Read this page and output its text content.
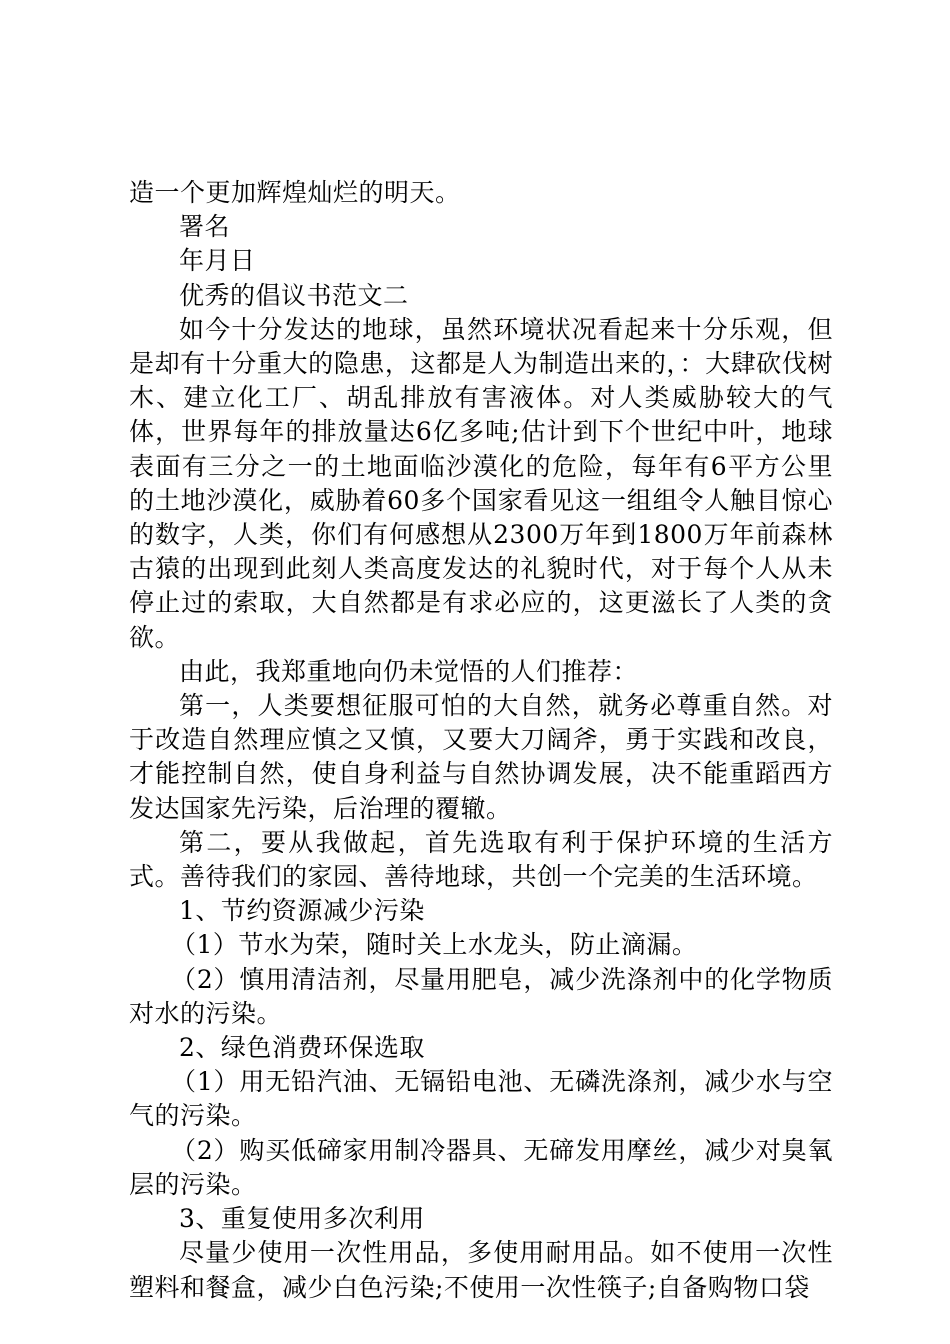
造一个更加辉煌灿烂的明天。

署名

年月日

优秀的倡议书范文二

如今十分发达的地球，虽然环境状况看起来十分乐观，但是却有十分重大的隐患，这都是人为制造出来的，：大肆砍伐树木、建立化工厂、胡乱排放有害液体。对人类威胁较大的气体，世界每年的排放量达6亿多吨;估计到下个世纪中叶，地球表面有三分之一的土地面临沙漠化的危险，每年有6平方公里的土地沙漠化，威胁着60多个国家看见这一组组令人触目惊心的数字，人类，你们有何感想从2300万年到1800万年前森林古猿的出现到此刻人类高度发达的礼貌时代，对于每个人从未停止过的索取，大自然都是有求必应的，这更滋长了人类的贪欲。

由此，我郑重地向仍未觉悟的人们推荐：

第一，人类要想征服可怕的大自然，就务必尊重自然。对于改造自然理应慎之又慎，又要大刀阔斧，勇于实践和改良，才能控制自然，使自身利益与自然协调发展，决不能重蹈西方发达国家先污染，后治理的覆辙。

第二，要从我做起，首先选取有利于保护环境的生活方式。善待我们的家园、善待地球，共创一个完美的生活环境。

1、节约资源减少污染

（1）节水为荣，随时关上水龙头，防止滴漏。

（2）慎用清洁剂，尽量用肥皂，减少洗涤剂中的化学物质对水的污染。

2、绿色消费环保选取

（1）用无铅汽油、无镉铅电池、无磷洗涤剂，减少水与空气的污染。

（2）购买低碲家用制冷器具、无碲发用摩丝，减少对臭氧层的污染。

3、重复使用多次利用

尽量少使用一次性用品，多使用耐用品。如不使用一次性塑料和餐盒，减少白色污染;不使用一次性筷子;自备购物口袋
